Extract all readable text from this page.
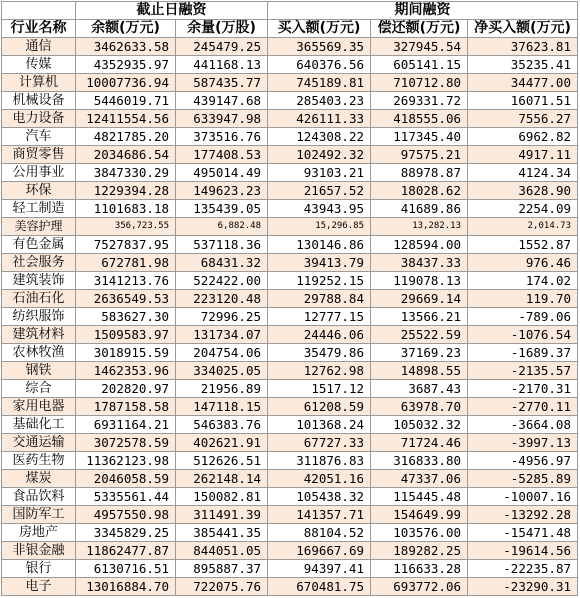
	截止日融资		期间融资		
行业名称	余额(万元)	余量(万股)	买入额(万元)	偿还额(万元)	净买入额(万元)
通信	3462633.58	245479.25	365569.35	327945.54	37623.81
传媒	4352935.97	441168.13	640376.56	605141.15	35235.41
计算机	10007736.94	587435.77	745189.81	710712.80	34477.00
机械设备	5446019.71	439147.68	285403.23	269331.72	16071.51
电力设备	12411554.56	633947.98	426111.33	418555.06	7556.27
汽车	4821785.20	373516.76	124308.22	117345.40	6962.82
商贸零售	2034686.54	177408.53	102492.32	97575.21	4917.11
公用事业	3847330.29	495014.49	93103.21	88978.87	4124.34
环保	1229394.28	149623.23	21657.52	18028.62	3628.90
轻工制造	1101683.18	135439.05	43943.95	41689.86	2254.09
美容护理	356,723.55	6,882.48	15,296.85	13,282.13	2,014.73
有色金属	7527837.95	537118.36	130146.86	128594.00	1552.87
社会服务	672781.98	68431.32	39413.79	38437.33	976.46
建筑装饰	3141213.76	522422.00	119252.15	119078.13	174.02
石油石化	2636549.53	223120.48	29788.84	29669.14	119.70
纺织服饰	583627.30	72996.25	12777.15	13566.21	-789.06
建筑材料	1509583.97	131734.07	24446.06	25522.59	-1076.54
农林牧渔	3018915.59	204754.06	35479.86	37169.23	-1689.37
钢铁	1462353.96	334025.05	12762.98	14898.55	-2135.57
综合	202820.97	21956.89	1517.12	3687.43	-2170.31
家用电器	1787158.58	147118.15	61208.59	63978.70	-2770.11
基础化工	6931164.21	546383.76	101368.24	105032.32	-3664.08
交通运输	3072578.59	402621.91	67727.33	71724.46	-3997.13
医药生物	11362123.98	512626.51	311876.83	316833.80	-4956.97
煤炭	2046058.59	262148.14	42051.16	47337.06	-5285.89
食品饮料	5335561.44	150082.81	105438.32	115445.48	-10007.16
国防军工	4957550.98	311491.39	141357.71	154649.99	-13292.28
房地产	3345829.25	385441.35	88104.52	103576.00	-15471.48
非银金融	11862477.87	844051.05	169667.69	189282.25	-19614.56
银行	6130716.51	895887.37	94397.41	116633.28	-22235.87
电子	13016884.70	722075.76	670481.75	693772.06	-23290.31
